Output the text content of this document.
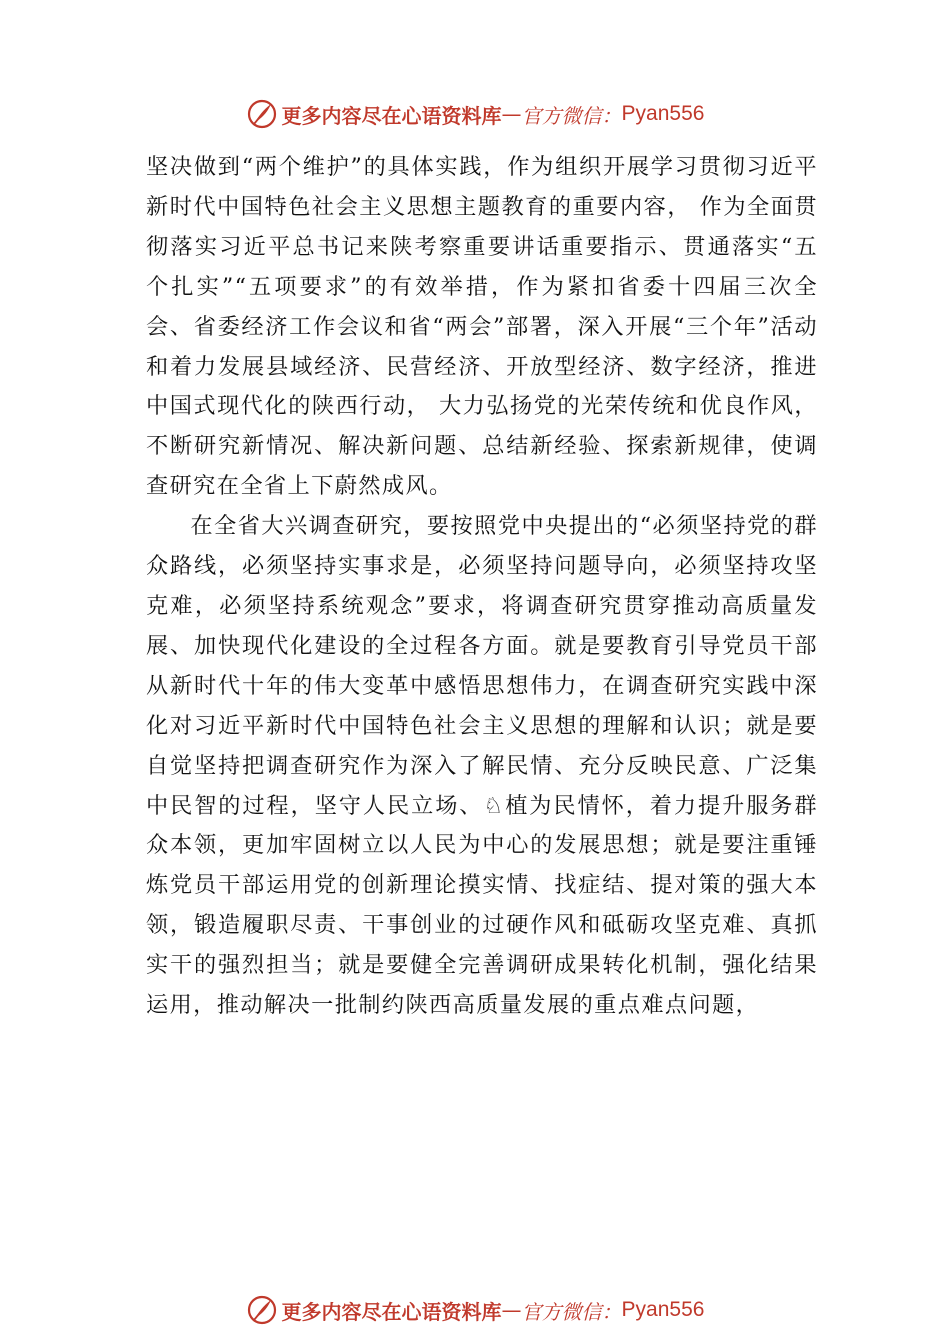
更多内容尽在心语资料库 — 官方微信： Pyan556

坚决做到“两个维护”的具体实践，作为组织开展学习贯彻习近平新时代中国特色社会主义思想主题教育的重要内容， 作为全面贯彻落实习近平总书记来陕考察重要讲话重要指示、贯通落实“五个扎实”“五项要求”的有效举措，作为紧扣省委十四届三次全会、省委经济工作会议和省“两会”部署，深入开展“三个年”活动和着力发展县域经济、民营经济、开放型经济、数字经济，推进中国式现代化的陕西行动， 大力弘扬党的光荣传统和优良作风，不断研究新情况、解决新问题、总结新经验、探索新规律，使调查研究在全省上下蔚然成风。

在全省大兴调查研究，要按照党中央提出的“必须坚持党的群众路线，必须坚持实事求是，必须坚持问题导向，必须坚持攻坚克难，必须坚持系统观念”要求，将调查研究贯穿推动高质量发展、加快现代化建设的全过程各方面。就是要教育引导党员干部从新时代十年的伟大变革中感悟思想伟力，在调查研究实践中深化对习近平新时代中国特色社会主义思想的理解和认识；就是要自觉坚持把调查研究作为深入了解民情、充分反映民意、广泛集中民智的过程，坚守人民立场、♘植为民情怀，着力提升服务群众本领，更加牢固树立以人民为中心的发展思想；就是要注重锤炼党员干部运用党的创新理论摸实情、找症结、提对策的强大本领，锻造履职尽责、干事创业的过硬作风和砥砺攻坚克难、真抓实干的强烈担当；就是要健全完善调研成果转化机制，强化结果运用，推动解决一批制约陕西高质量发展的重点难点问题，

更多内容尽在心语资料库 — 官方微信： Pyan556
